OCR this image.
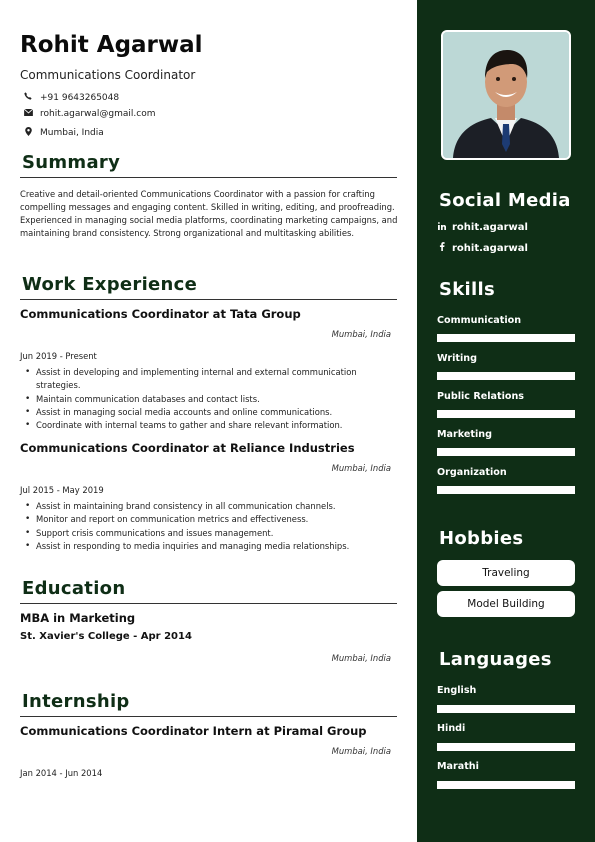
Rohit Agarwal
Communications Coordinator
+91 9643265048
rohit.agarwal@gmail.com
Mumbai, India
Summary
Creative and detail-oriented Communications Coordinator with a passion for crafting compelling messages and engaging content. Skilled in writing, editing, and proofreading. Experienced in managing social media platforms, coordinating marketing campaigns, and maintaining brand consistency. Strong organizational and multitasking abilities.
Work Experience
Communications Coordinator at Tata Group
Mumbai, India
Jun 2019 - Present
• Assist in developing and implementing internal and external communication strategies.
• Maintain communication databases and contact lists.
• Assist in managing social media accounts and online communications.
• Coordinate with internal teams to gather and share relevant information.
Communications Coordinator at Reliance Industries
Mumbai, India
Jul 2015 - May 2019
• Assist in maintaining brand consistency in all communication channels.
• Monitor and report on communication metrics and effectiveness.
• Support crisis communications and issues management.
• Assist in responding to media inquiries and managing media relationships.
Education
MBA in Marketing
St. Xavier's College - Apr 2014
Mumbai, India
Internship
Communications Coordinator Intern at Piramal Group
Mumbai, India
Jan 2014 - Jun 2014
Social Media
rohit.agarwal
rohit.agarwal
Skills
Communication
Writing
Public Relations
Marketing
Organization
Hobbies
Traveling
Model Building
Languages
English
Hindi
Marathi
